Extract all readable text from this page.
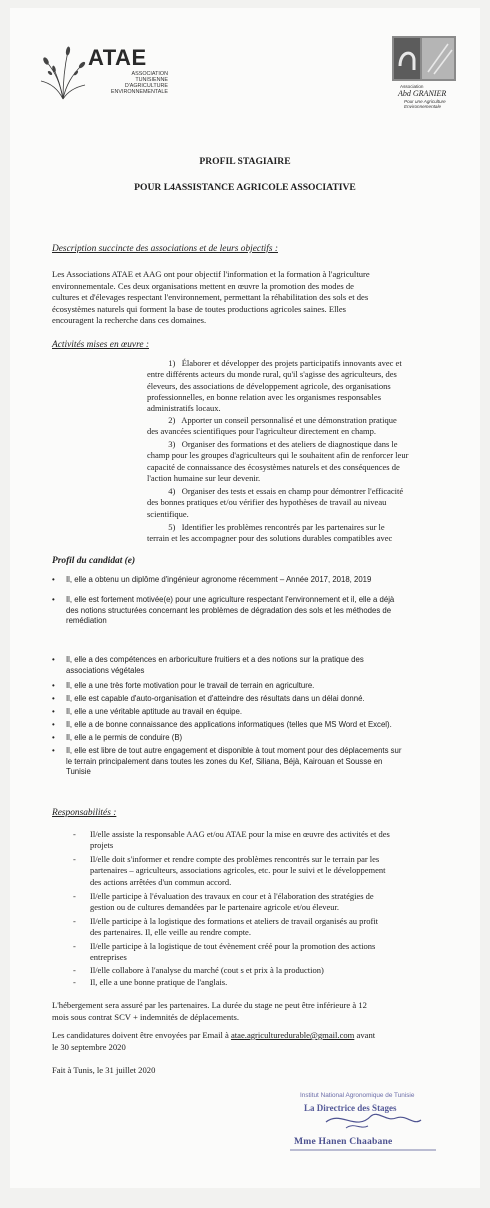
ATAE
ASSOCIATION
TUNISIENNE
D'AGRICULTURE
ENVIRONNEMENTALE
Association
Abd GRANIER
Pour une Agriculture Environnementale
PROFIL STAGIAIRE
POUR L4ASSISTANCE AGRICOLE ASSOCIATIVE
Description succincte des associations et de leurs objectifs :
Les Associations ATAE et AAG ont pour objectif l'information et la formation à l'agriculture
environnementale. Ces deux organisations mettent en œuvre la promotion des modes de
cultures et d'élevages respectant l'environnement, permettant la réhabilitation des sols et des
écosystèmes naturels qui forment la base de toutes productions agricoles saines. Elles
encouragent la recherche dans ces domaines.
Activités mises en œuvre :
1) Élaborer et développer des projets participatifs innovants avec et
entre différents acteurs du monde rural, qu'il s'agisse des agriculteurs, des
éleveurs, des associations de développement agricole, des organisations
professionnelles, en bonne relation avec les organismes responsables
administratifs locaux.
2) Apporter un conseil personnalisé et une démonstration pratique
des avancées scientifiques pour l'agriculteur directement en champ.
3) Organiser des formations et des ateliers de diagnostique dans le
champ pour les groupes d'agriculteurs qui le souhaitent afin de renforcer leur
capacité de connaissance des écosystèmes naturels et des conséquences de
l'action humaine sur leur devenir.
4) Organiser des tests et essais en champ pour démontrer l'efficacité
des bonnes pratiques et/ou vérifier des hypothèses de travail au niveau
scientifique.
5) Identifier les problèmes rencontrés par les partenaires sur le
terrain et les accompagner pour des solutions durables compatibles avec
Profil du candidat (e)
• Il, elle a obtenu un diplôme d'ingénieur agronome récemment – Année 2017, 2018, 2019
• Il, elle est fortement motivée(e) pour une agriculture respectant l'environnement et il, elle a déjà
des notions structurées concernant les problèmes de dégradation des sols et les méthodes de
remédiation
• Il, elle a des compétences en arboriculture fruitiers et a des notions sur la pratique des
associations végétales
• Il, elle a une très forte motivation pour le travail de terrain en agriculture.
• Il, elle est capable d'auto-organisation et d'atteindre des résultats dans un délai donné.
• Il, elle a une véritable aptitude au travail en équipe.
• Il, elle a de bonne connaissance des applications informatiques (telles que MS Word et Excel).
• Il, elle a le permis de conduire (B)
• Il, elle est libre de tout autre engagement et disponible à tout moment pour des déplacements sur
le terrain principalement dans toutes les zones du Kef, Siliana, Béjà, Kairouan et Sousse en
Tunisie
Responsabilités :
- Il/elle assiste la responsable AAG et/ou ATAE pour la mise en œuvre des activités et des
projets
- Il/elle doit s'informer et rendre compte des problèmes rencontrés sur le terrain par les
partenaires – agriculteurs, associations agricoles, etc. pour le suivi et le développement
des actions arrêtées d'un commun accord.
- Il/elle participe à l'évaluation des travaux en cour et à l'élaboration des stratégies de
gestion ou de cultures demandées par le partenaire agricole et/ou éleveur.
- Il/elle participe à la logistique des formations et ateliers de travail organisés au profit
des partenaires. Il, elle veille au rendre compte.
- Il/elle participe à la logistique de tout évènement créé pour la promotion des actions
entreprises
- Il/elle collabore à l'analyse du marché (cout s et prix à la production)
- Il, elle a une bonne pratique de l'anglais.
L'hébergement sera assuré par les partenaires. La durée du stage ne peut être inférieure à 12
mois sous contrat SCV + indemnités de déplacements.
Les candidatures doivent être envoyées par Email à atae.agriculturedurable@gmail.com avant
le 30 septembre 2020
Fait à Tunis, le 31 juillet 2020
Institut National Agronomique de Tunisie
La Directrice des Stages
Mme Hanen Chaabane
